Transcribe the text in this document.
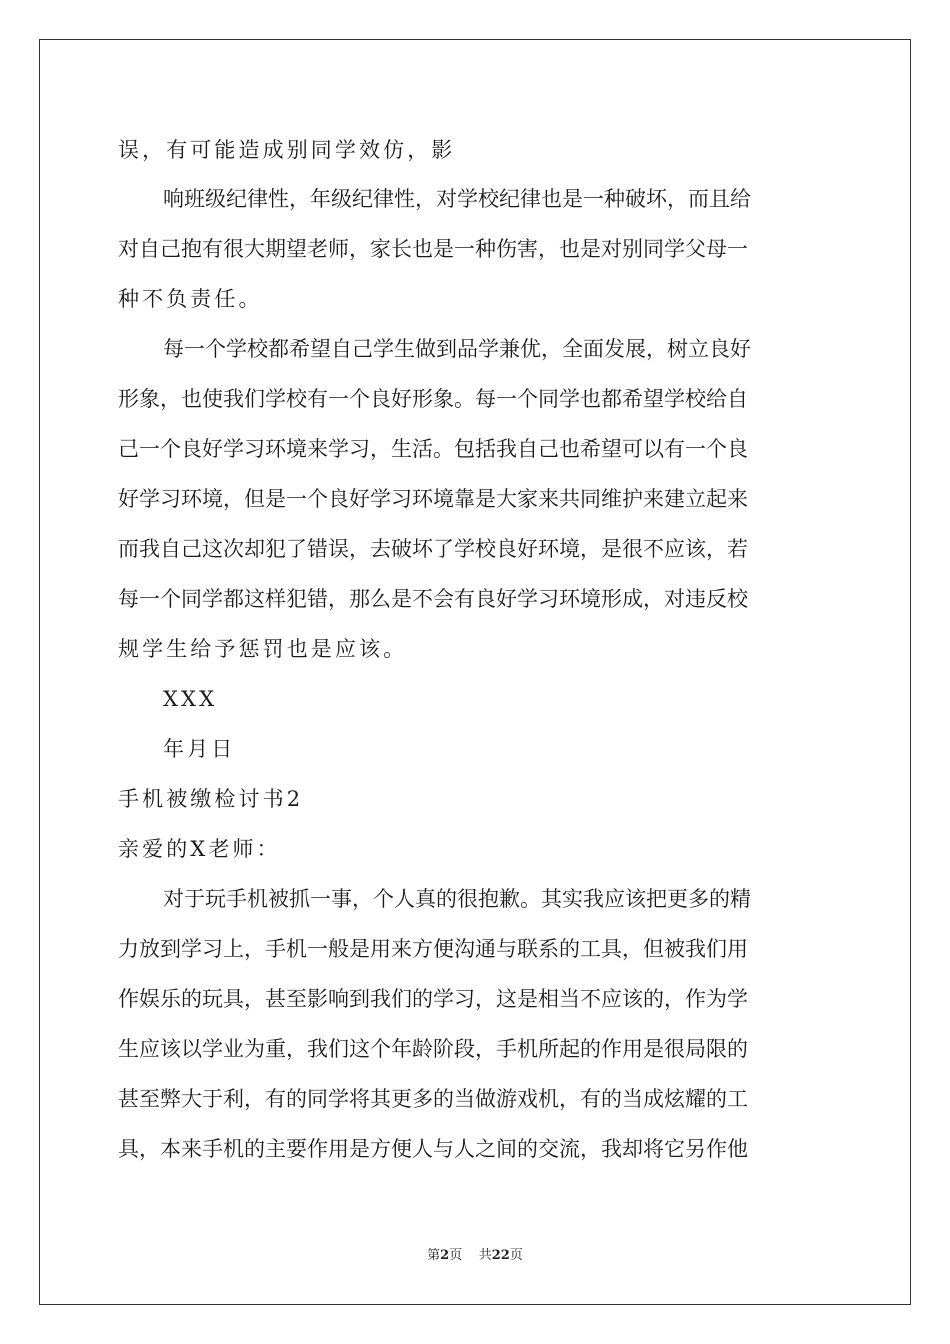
误，有可能造成别同学效仿，影
响班级纪律性，年级纪律性，对学校纪律也是一种破坏，而且给
对自己抱有很大期望老师，家长也是一种伤害，也是对别同学父母一
种不负责任。
每一个学校都希望自己学生做到品学兼优，全面发展，树立良好
形象，也使我们学校有一个良好形象。每一个同学也都希望学校给自
己一个良好学习环境来学习，生活。包括我自己也希望可以有一个良
好学习环境，但是一个良好学习环境靠是大家来共同维护来建立起来
而我自己这次却犯了错误，去破坏了学校良好环境，是很不应该，若
每一个同学都这样犯错，那么是不会有良好学习环境形成，对违反校
规学生给予惩罚也是应该。
XXX
年月日
手机被缴检讨书2
亲爱的X老师：
对于玩手机被抓一事，个人真的很抱歉。其实我应该把更多的精
力放到学习上，手机一般是用来方便沟通与联系的工具，但被我们用
作娱乐的玩具，甚至影响到我们的学习，这是相当不应该的，作为学
生应该以学业为重，我们这个年龄阶段，手机所起的作用是很局限的
甚至弊大于利，有的同学将其更多的当做游戏机，有的当成炫耀的工
具，本来手机的主要作用是方便人与人之间的交流，我却将它另作他
第2页 共22页
